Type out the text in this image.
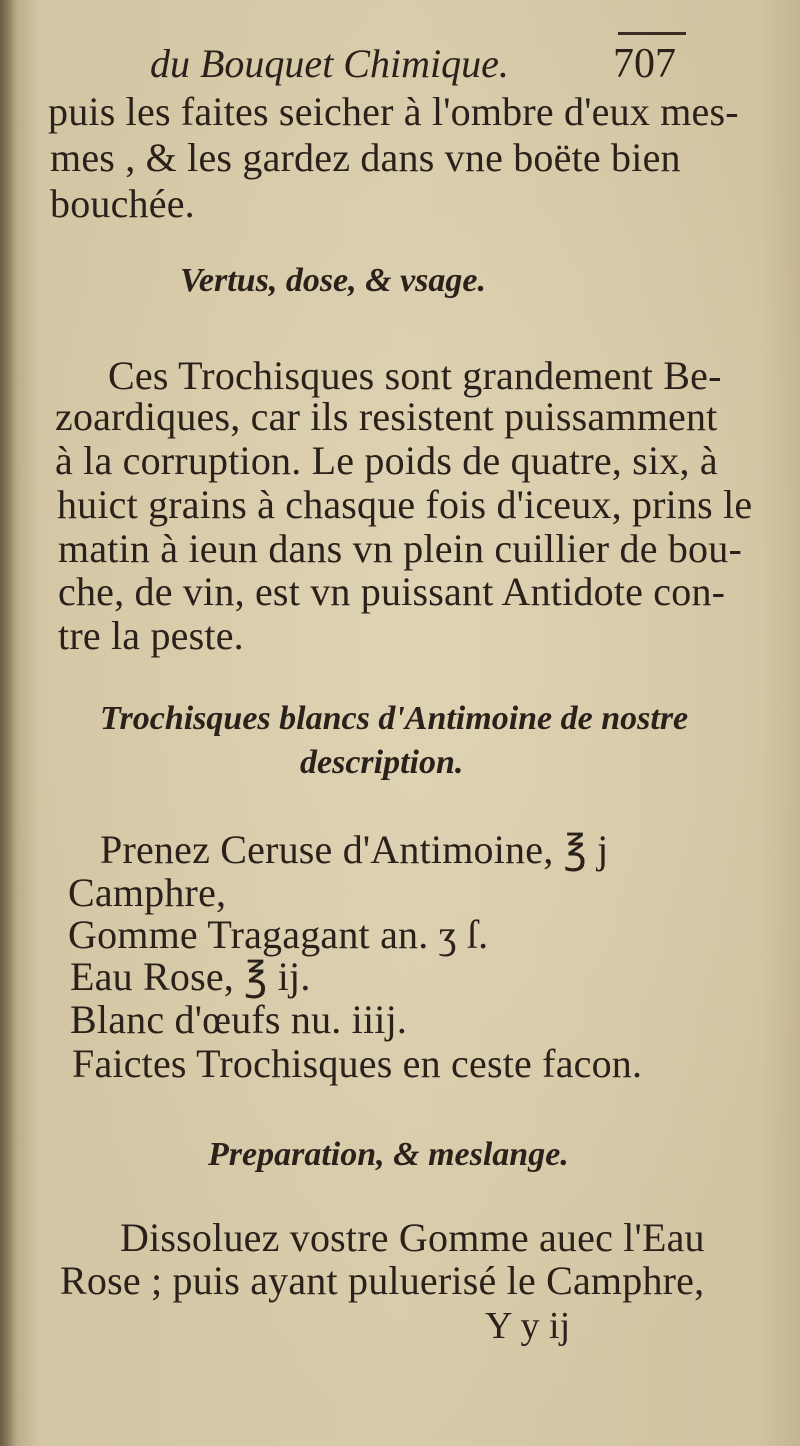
du Bouquet Chimique. 707
puis les faites seicher à l'ombre d'eux mes-
mes , & les gardez dans vne boëte bien
bouchée.
Vertus, dose, & vsage.
Ces Trochisques sont grandement Be-
zoardiques, car ils resistent puissamment
à la corruption. Le poids de quatre, six, à
huict grains à chasque fois d'iceux, prins le
matin à ieun dans vn plein cuillier de bou-
che, de vin, est vn puissant Antidote con-
tre la peste.
Trochisques blancs d'Antimoine de nostre
description.
Prenez Ceruse d'Antimoine, ℥ j
Camphre,
Gomme Tragagant an. ʒ ſ.
Eau Rose, ℥ ij.
Blanc d'œufs nu. iiij.
Faictes Trochisques en ceste facon.
Preparation, & meslange.
Dissoluez vostre Gomme auec l'Eau
Rose ; puis ayant puluerisé le Camphre,
Y y ij
